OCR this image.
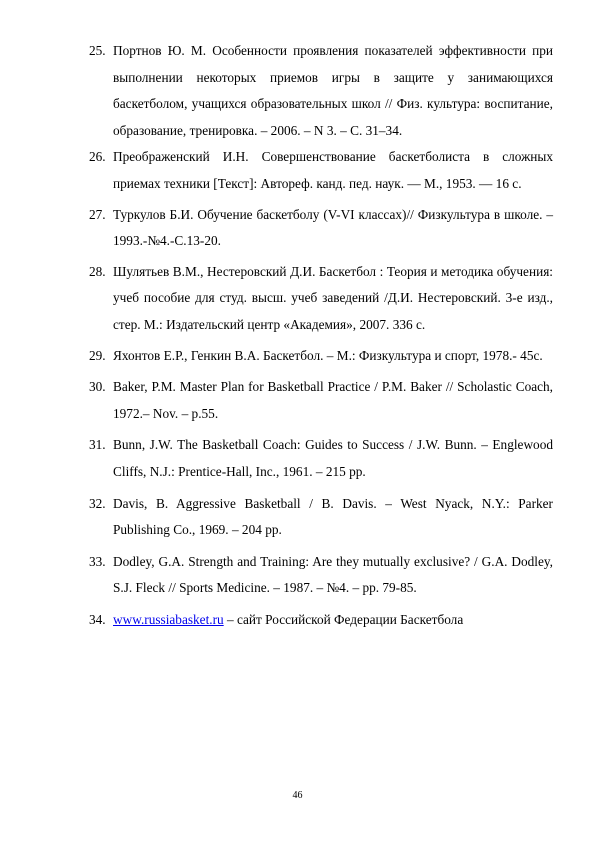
25. Портнов Ю. М. Особенности проявления показателей эффективности при выполнении некоторых приемов игры в защите у занимающихся баскетболом, учащихся образовательных школ // Физ. культура: воспитание, образование, тренировка. – 2006. – N 3. – С. 31–34.
26. Преображенский И.Н. Совершенствование баскетболиста в сложных приемах техники [Текст]: Автореф. канд. пед. наук. — М., 1953. — 16 с.
27. Туркулов Б.И. Обучение баскетболу (V-VI классах)// Физкультура в школе. – 1993.-№4.-С.13-20.
28. Шулятьев В.М., Нестеровский Д.И. Баскетбол : Теория и методика обучения: учеб пособие для студ. высш. учеб заведений /Д.И. Нестеровский. 3-е изд., стер. М.: Издательский центр «Академия», 2007. 336 с.
29. Яхонтов Е.Р., Генкин В.А. Баскетбол. – М.: Физкультура и спорт, 1978.- 45с.
30. Baker, P.M. Master Plan for Basketball Practice / P.M. Baker // Scholastic Coach, 1972.– Nov. – p.55.
31. Bunn, J.W. The Basketball Coach: Guides to Success / J.W. Bunn. – Englewood Cliffs, N.J.: Prentice-Hall, Inc., 1961. – 215 pp.
32. Davis, B. Aggressive Basketball / B. Davis. – West Nyack, N.Y.: Parker Publishing Co., 1969. – 204 pp.
33. Dodley, G.A. Strength and Training: Are they mutually exclusive? / G.A. Dodley, S.J. Fleck // Sports Medicine. – 1987. – №4. – pp. 79-85.
34. www.russiabasket.ru – сайт Российской Федерации Баскетбола
46
